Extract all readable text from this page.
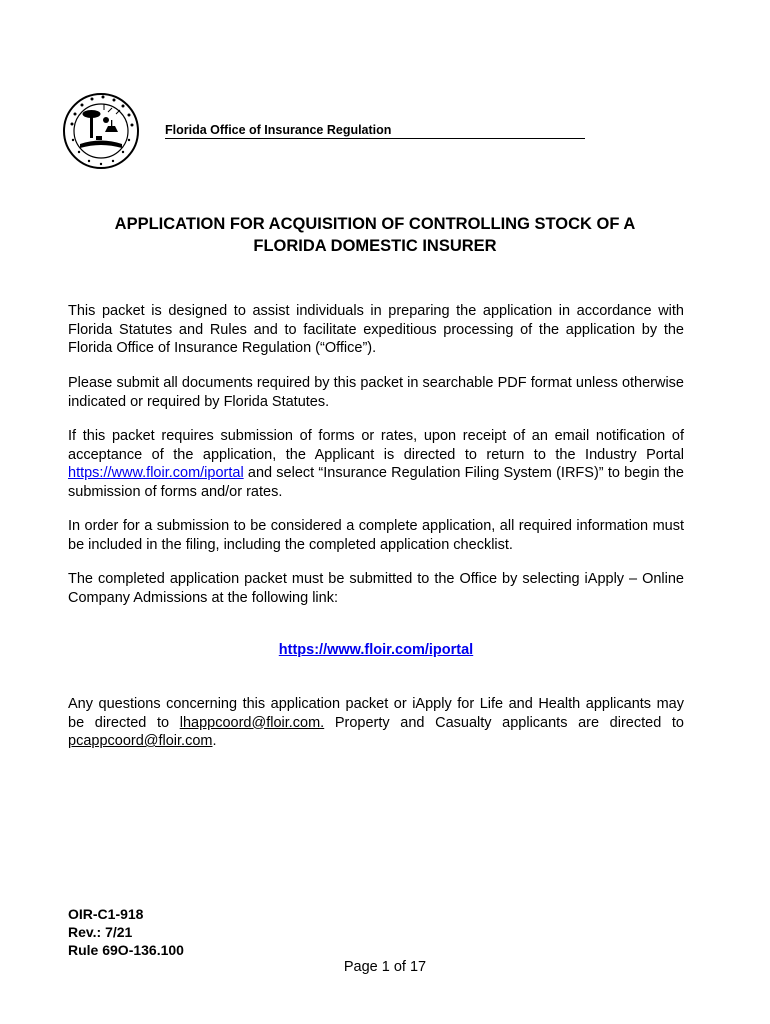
Florida Office of Insurance Regulation
APPLICATION FOR ACQUISITION OF CONTROLLING STOCK OF A
FLORIDA DOMESTIC INSURER
This packet is designed to assist individuals in preparing the application in accordance with Florida Statutes and Rules and to facilitate expeditious processing of the application by the Florida Office of Insurance Regulation (“Office”).
Please submit all documents required by this packet in searchable PDF format unless otherwise indicated or required by Florida Statutes.
If this packet requires submission of forms or rates, upon receipt of an email notification of acceptance of the application, the Applicant is directed to return to the Industry Portal https://www.floir.com/iportal and select “Insurance Regulation Filing System (IRFS)” to begin the submission of forms and/or rates.
In order for a submission to be considered a complete application, all required information must be included in the filing, including the completed application checklist.
The completed application packet must be submitted to the Office by selecting iApply – Online Company Admissions at the following link:
https://www.floir.com/iportal
Any questions concerning this application packet or iApply for Life and Health applicants may be directed to lhappcoord@floir.com. Property and Casualty applicants are directed to pcappcoord@floir.com.
OIR-C1-918
Rev.: 7/21
Rule 69O-136.100
Page 1 of 17
